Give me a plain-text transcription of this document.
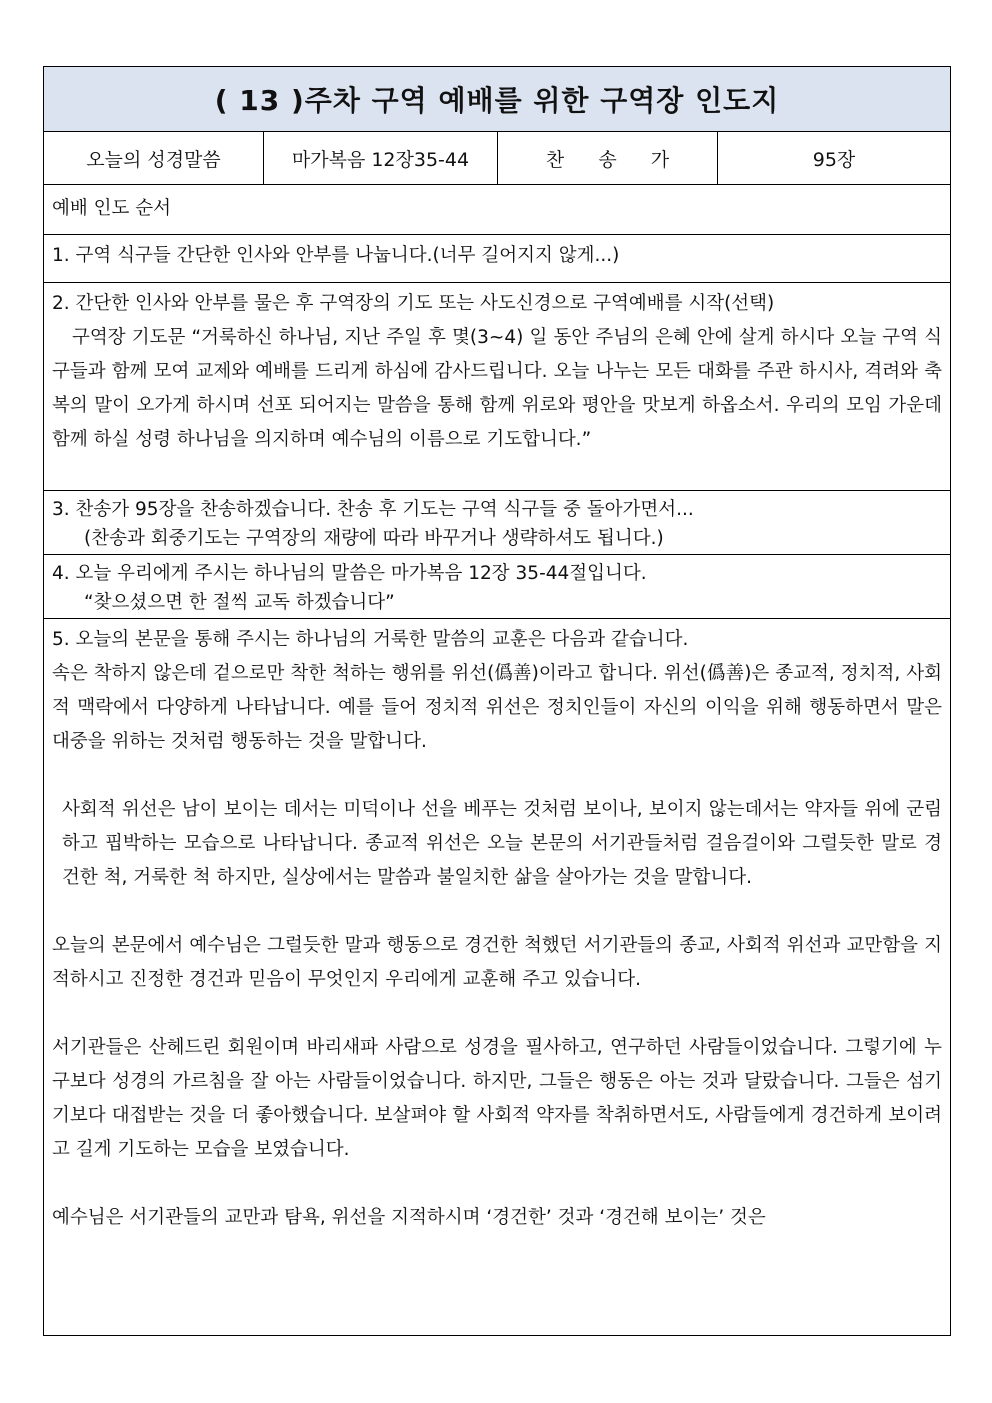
( 13 )주차 구역 예배를 위한 구역장 인도지
오늘의 성경말씀	마가복음 12장35-44	찬 송 가	95장
예배 인도 순서
1. 구역 식구들 간단한 인사와 안부를 나눕니다.(너무 길어지지 않게...)
2. 간단한 인사와 안부를 물은 후 구역장의 기도 또는 사도신경으로 구역예배를 시작(선택)
구역장 기도문 “거룩하신 하나님, 지난 주일 후 몇(3~4) 일 동안 주님의 은혜 안에 살게 하시다 오늘 구역 식구들과 함께 모여 교제와 예배를 드리게 하심에 감사드립니다. 오늘 나누는 모든 대화를 주관 하시사, 격려와 축복의 말이 오가게 하시며 선포 되어지는 말씀을 통해 함께 위로와 평안을 맛보게 하옵소서. 우리의 모임 가운데 함께 하실 성령 하나님을 의지하며 예수님의 이름으로 기도합니다.”
3. 찬송가 95장을 찬송하겠습니다. 찬송 후 기도는 구역 식구들 중 돌아가면서...
(찬송과 회중기도는 구역장의 재량에 따라 바꾸거나 생략하셔도 됩니다.)
4. 오늘 우리에게 주시는 하나님의 말씀은 마가복음 12장 35-44절입니다.
“찾으셨으면 한 절씩 교독 하겠습니다”
5. 오늘의 본문을 통해 주시는 하나님의 거룩한 말씀의 교훈은 다음과 같습니다.
속은 착하지 않은데 겉으로만 착한 척하는 행위를 위선(僞善)이라고 합니다. 위선(僞善)은 종교적, 정치적, 사회적 맥락에서 다양하게 나타납니다. 예를 들어 정치적 위선은 정치인들이 자신의 이익을 위해 행동하면서 말은 대중을 위하는 것처럼 행동하는 것을 말합니다.
사회적 위선은 남이 보이는 데서는 미덕이나 선을 베푸는 것처럼 보이나, 보이지 않는데서는 약자들 위에 군림하고 핍박하는 모습으로 나타납니다. 종교적 위선은 오늘 본문의 서기관들처럼 걸음걸이와 그럴듯한 말로 경건한 척, 거룩한 척 하지만, 실상에서는 말씀과 불일치한 삶을 살아가는 것을 말합니다.
오늘의 본문에서 예수님은 그럴듯한 말과 행동으로 경건한 척했던 서기관들의 종교, 사회적 위선과 교만함을 지적하시고 진정한 경건과 믿음이 무엇인지 우리에게 교훈해 주고 있습니다.
서기관들은 산헤드린 회원이며 바리새파 사람으로 성경을 필사하고, 연구하던 사람들이었습니다. 그렇기에 누구보다 성경의 가르침을 잘 아는 사람들이었습니다. 하지만, 그들은 행동은 아는 것과 달랐습니다. 그들은 섬기기보다 대접받는 것을 더 좋아했습니다. 보살펴야 할 사회적 약자를 착취하면서도, 사람들에게 경건하게 보이려고 길게 기도하는 모습을 보였습니다.
예수님은 서기관들의 교만과 탐욕, 위선을 지적하시며 ‘경건한’ 것과 ‘경건해 보이는’ 것은
